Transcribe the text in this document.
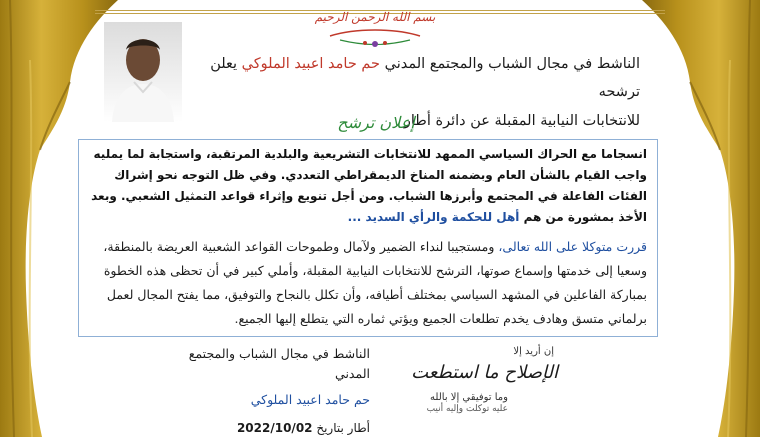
بسم الله الرحمن الرحيم
الناشط في مجال الشباب والمجتمع المدني حم حامد اعبيد الملوكي يعلن ترشحه
للانتخابات النيابية المقبلة عن دائرة أطار
إعلان ترشح

انسجاما مع الحراك السياسي الممهد للانتخابات التشريعية والبلدية المرتقبة، واستجابة لما يمليه واجب القيام بالشأن العام وبضمنه المناخ الديمقراطي التعددي. وفي ظل التوجه نحو إشراك الفئات الفاعلة في المجتمع وأبرزها الشباب. ومن أجل تنويع وإثراء قواعد التمثيل الشعبي. وبعد الأخذ بمشورة من هم أهل للحكمة والرأي السديد ...

قررت متوكلا على الله تعالى، ومستجيبا لنداء الضمير ولآمال وطموحات القواعد الشعبية العريضة بالمنطقة، وسعيا إلى خدمتها وإسماع صوتها، الترشح للانتخابات النيابية المقبلة، وأملي كبير في أن تحظى هذه الخطوة بمباركة الفاعلين في المشهد السياسي بمختلف أطيافه، وأن تكلل بالنجاح والتوفيق، مما يفتح المجال لعمل برلماني متسق وهادف يخدم تطلعات الجميع ويؤتي ثماره التي يتطلع إليها الجميع.

إن أريد إلا
الإصلاح ما استطعت
وما توفيقي إلا بالله
عليه توكلت وإليه أنيب
الناشط في مجال الشباب والمجتمع المدني
حم حامد اعبيد الملوكي
أطار بتاريخ 2022/10/02
